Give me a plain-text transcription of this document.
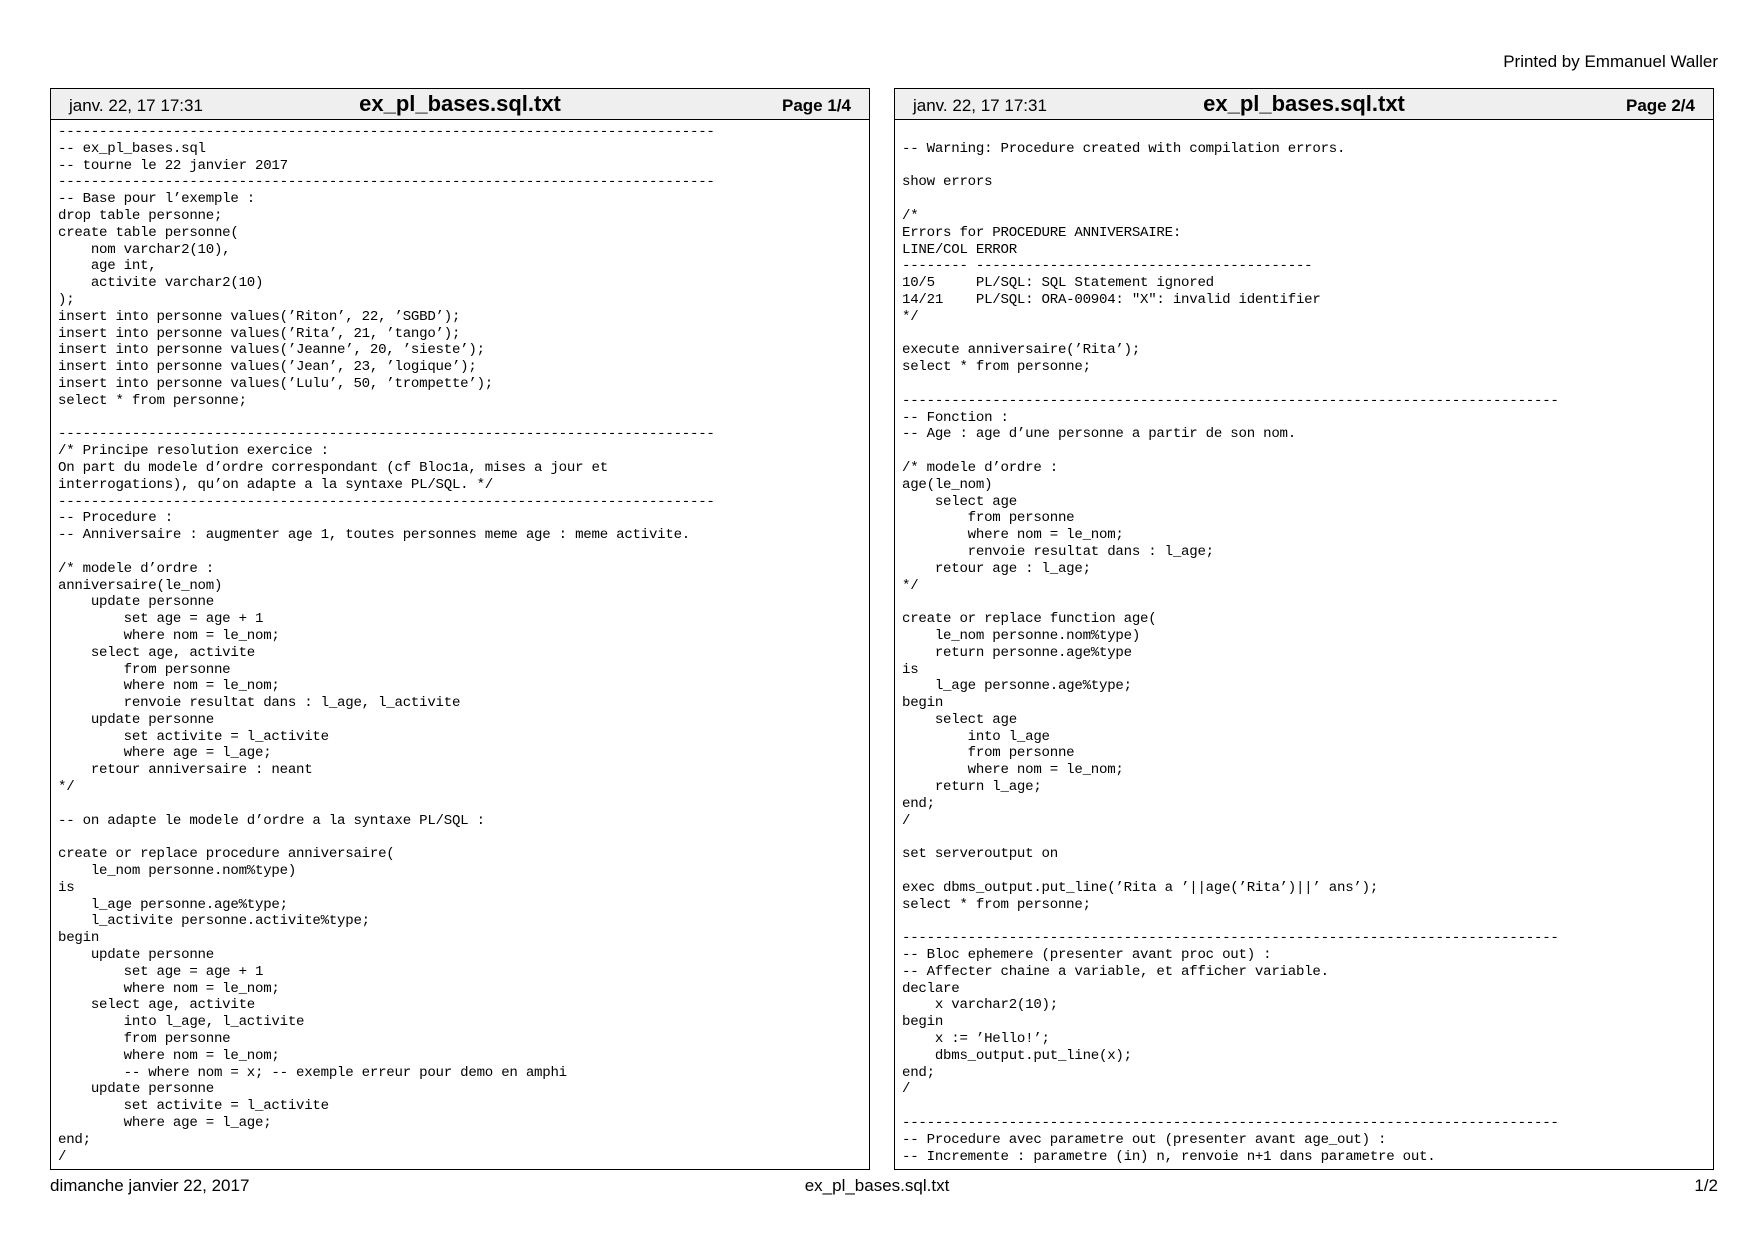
Printed by Emmanuel Waller
janv. 22, 17 17:31	ex_pl_bases.sql.txt	Page 1/4
--------------------------------------------------------------------------------
-- ex_pl_bases.sql
-- tourne le 22 janvier 2017
--------------------------------------------------------------------------------
-- Base pour l’exemple :
drop table personne;
create table personne(
nom varchar2(10),
age int,
activite varchar2(10)
);
insert into personne values(’Riton’, 22, ’SGBD’);
insert into personne values(’Rita’, 21, ’tango’);
insert into personne values(’Jeanne’, 20, ’sieste’);
insert into personne values(’Jean’, 23, ’logique’);
insert into personne values(’Lulu’, 50, ’trompette’);
select * from personne;

--------------------------------------------------------------------------------
/* Principe resolution exercice :
On part du modele d’ordre correspondant (cf Bloc1a, mises a jour et
interrogations), qu’on adapte a la syntaxe PL/SQL. */
--------------------------------------------------------------------------------
-- Procedure :
-- Anniversaire : augmenter age 1, toutes personnes meme age : meme activite.

/* modele d’ordre :
anniversaire(le_nom)
update personne
set age = age + 1
where nom = le_nom;
select age, activite
from personne
where nom = le_nom;
renvoie resultat dans : l_age, l_activite
update personne
set activite = l_activite
where age = l_age;
retour anniversaire : neant
*/

-- on adapte le modele d’ordre a la syntaxe PL/SQL :

create or replace procedure anniversaire(
le_nom personne.nom%type)
is
l_age personne.age%type;
l_activite personne.activite%type;
begin
update personne
set age = age + 1
where nom = le_nom;
select age, activite
into l_age, l_activite
from personne
where nom = le_nom;
-- where nom = x; -- exemple erreur pour demo en amphi
update personne
set activite = l_activite
where age = l_age;
end;
/
janv. 22, 17 17:31	ex_pl_bases.sql.txt	Page 2/4

-- Warning: Procedure created with compilation errors.

show errors

/*
Errors for PROCEDURE ANNIVERSAIRE:
LINE/COL ERROR
-------- -----------------------------------------
10/5     PL/SQL: SQL Statement ignored
14/21    PL/SQL: ORA-00904: "X": invalid identifier
*/

execute anniversaire(’Rita’);
select * from personne;

--------------------------------------------------------------------------------
-- Fonction :
-- Age : age d’une personne a partir de son nom.

/* modele d’ordre :
age(le_nom)
select age
from personne
where nom = le_nom;
renvoie resultat dans : l_age;
retour age : l_age;
*/

create or replace function age(
le_nom personne.nom%type)
return personne.age%type
is
l_age personne.age%type;
begin
select age
into l_age
from personne
where nom = le_nom;
return l_age;
end;
/

set serveroutput on

exec dbms_output.put_line(’Rita a ’||age(’Rita’)||’ ans’);
select * from personne;

--------------------------------------------------------------------------------
-- Bloc ephemere (presenter avant proc out) :
-- Affecter chaine a variable, et afficher variable.
declare
x varchar2(10);
begin
x := ’Hello!’;
dbms_output.put_line(x);
end;
/

--------------------------------------------------------------------------------
-- Procedure avec parametre out (presenter avant age_out) :
-- Incremente : parametre (in) n, renvoie n+1 dans parametre out.
dimanche janvier 22, 2017	ex_pl_bases.sql.txt	1/2
